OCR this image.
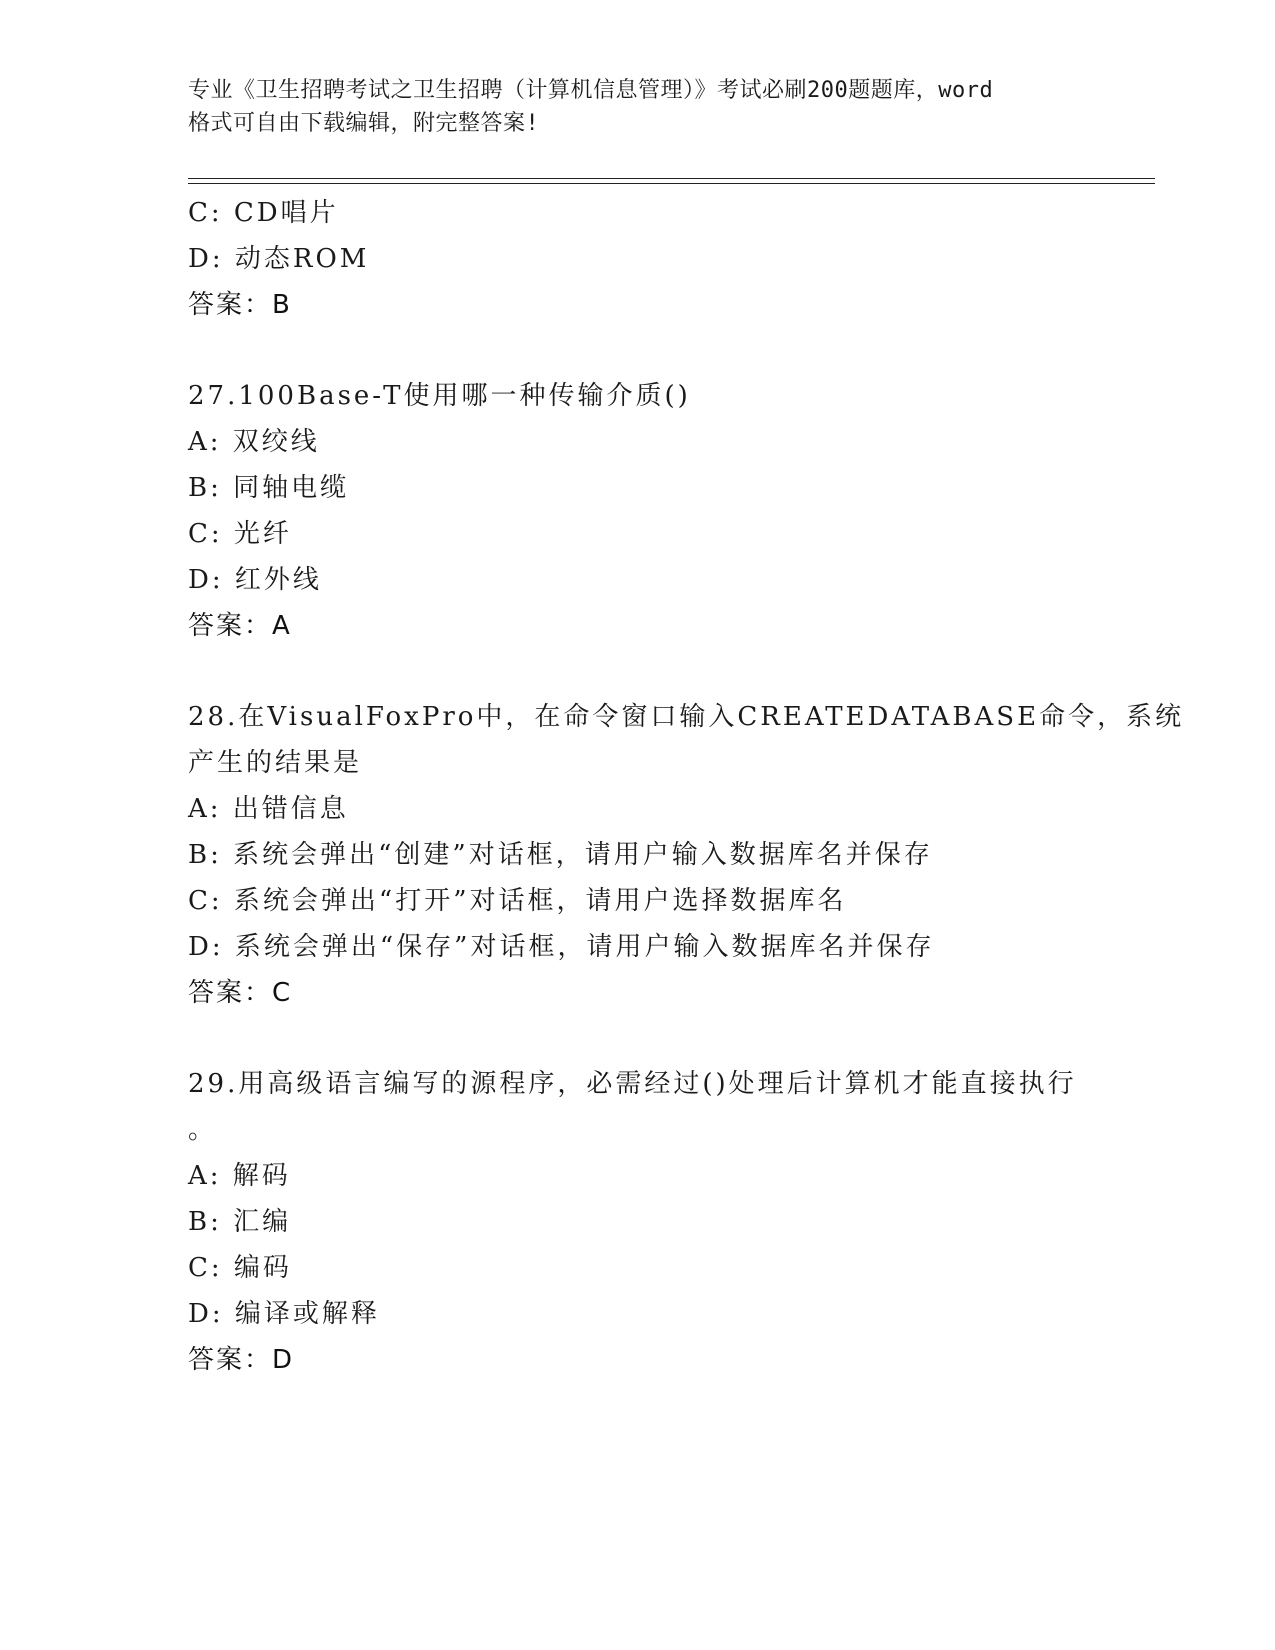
专业《卫生招聘考试之卫生招聘（计算机信息管理）》考试必刷200题题库，word
格式可自由下载编辑，附完整答案!
C: CD唱片
D: 动态ROM
答案：B
27.100Base-T使用哪一种传输介质()
A: 双绞线
B: 同轴电缆
C: 光纤
D: 红外线
答案：A
28.在VisualFoxPro中，在命令窗口输入CREATEDATABASE命令，系统
产生的结果是
A: 出错信息
B: 系统会弹出“创建”对话框，请用户输入数据库名并保存
C: 系统会弹出“打开”对话框，请用户选择数据库名
D: 系统会弹出“保存”对话框，请用户输入数据库名并保存
答案：C
29.用高级语言编写的源程序，必需经过()处理后计算机才能直接执行
。
A: 解码
B: 汇编
C: 编码
D: 编译或解释
答案：D
